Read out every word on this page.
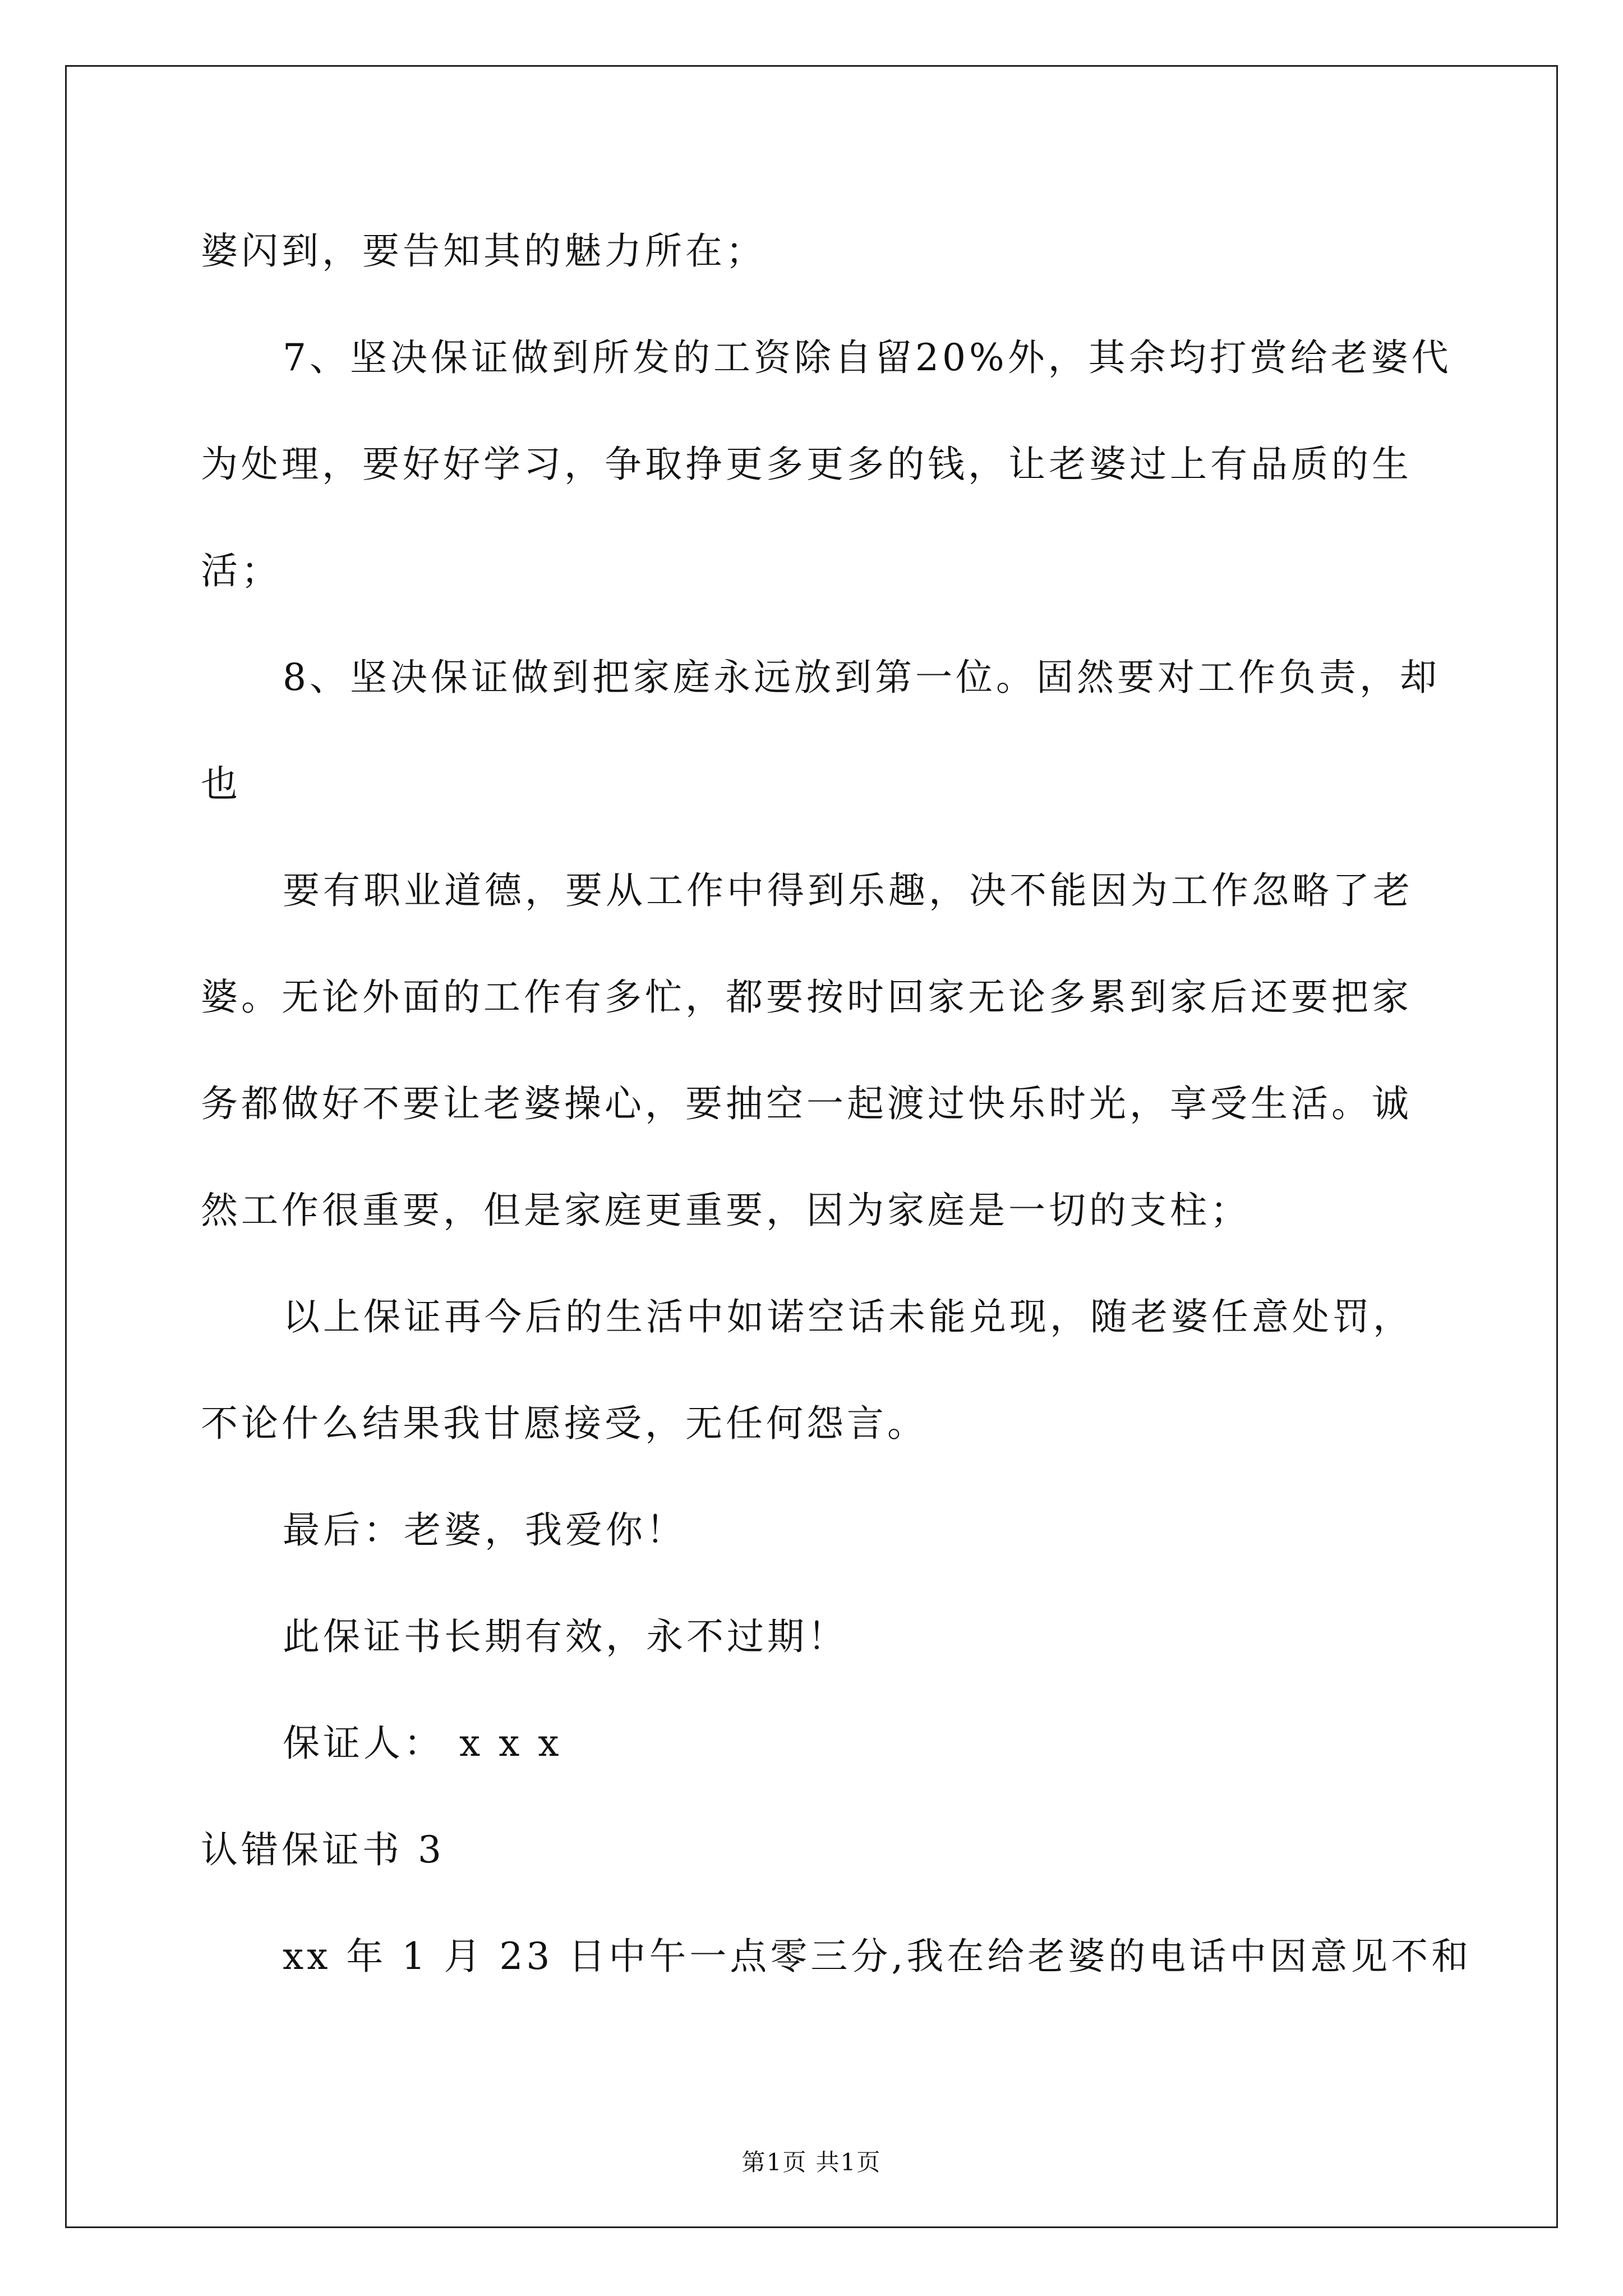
婆闪到，要告知其的魅力所在；
7、坚决保证做到所发的工资除自留20%外，其余均打赏给老婆代
为处理，要好好学习，争取挣更多更多的钱，让老婆过上有品质的生
活；
8、坚决保证做到把家庭永远放到第一位。固然要对工作负责，却
也
要有职业道德，要从工作中得到乐趣，决不能因为工作忽略了老
婆。无论外面的工作有多忙，都要按时回家无论多累到家后还要把家
务都做好不要让老婆操心，要抽空一起渡过快乐时光，享受生活。诚
然工作很重要，但是家庭更重要，因为家庭是一切的支柱；
以上保证再今后的生活中如诺空话未能兑现，随老婆任意处罚，
不论什么结果我甘愿接受，无任何怨言。
最后：老婆，我爱你！
此保证书长期有效，永不过期！
保证人： x x x
认错保证书 3
xx 年 1 月 23 日中午一点零三分,我在给老婆的电话中因意见不和
第1页 共1页
